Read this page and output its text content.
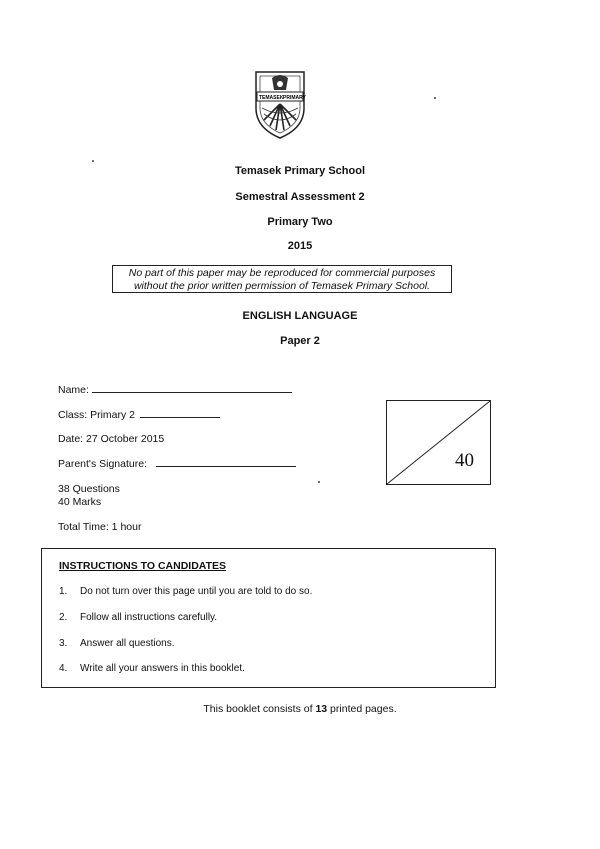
TEMASEK PRIMARY
Temasek Primary School
Semestral Assessment 2
Primary Two
2015
No part of this paper may be reproduced for commercial purposes
without the prior written permission of Temasek Primary School.
ENGLISH LANGUAGE
Paper 2
Name:
Class: Primary 2
Date: 27 October 2015
Parent's Signature:
38 Questions
40 Marks
Total Time: 1 hour
40
INSTRUCTIONS TO CANDIDATES
1. Do not turn over this page until you are told to do so.
2. Follow all instructions carefully.
3. Answer all questions.
4. Write all your answers in this booklet.
This booklet consists of 13 printed pages.
